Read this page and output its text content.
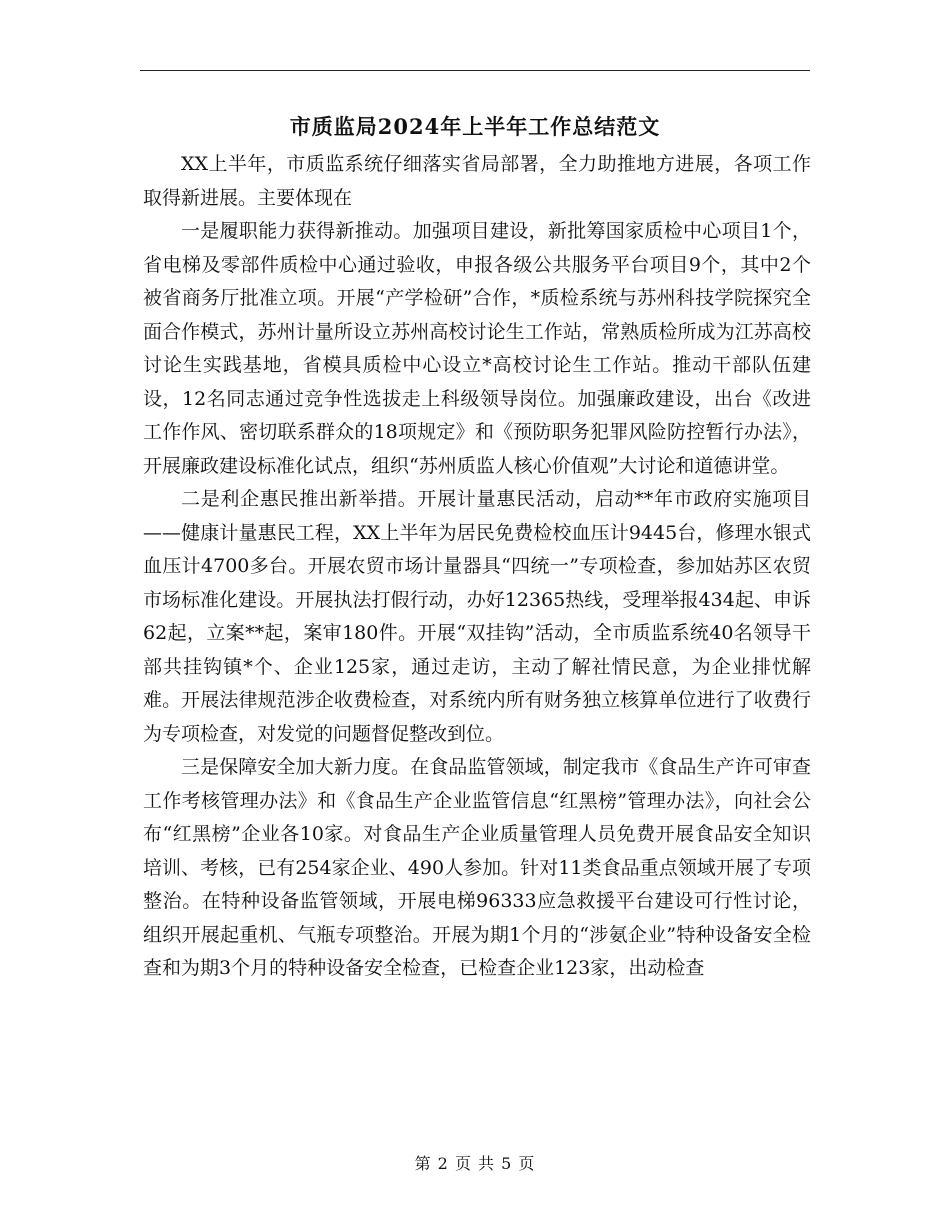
市质监局2024年上半年工作总结范文

XX上半年，市质监系统仔细落实省局部署，全力助推地方进展，各项工作取得新进展。主要体现在

一是履职能力获得新推动。加强项目建设，新批筹国家质检中心项目1个，省电梯及零部件质检中心通过验收，申报各级公共服务平台项目9个，其中2个被省商务厅批准立项。开展“产学检研”合作，*质检系统与苏州科技学院探究全面合作模式，苏州计量所设立苏州高校讨论生工作站，常熟质检所成为江苏高校讨论生实践基地，省模具质检中心设立*高校讨论生工作站。推动干部队伍建设，12名同志通过竞争性选拔走上科级领导岗位。加强廉政建设，出台《改进工作作风、密切联系群众的18项规定》和《预防职务犯罪风险防控暂行办法》，开展廉政建设标准化试点，组织“苏州质监人核心价值观”大讨论和道德讲堂。

二是利企惠民推出新举措。开展计量惠民活动，启动**年市政府实施项目——健康计量惠民工程，XX上半年为居民免费检校血压计9445台，修理水银式血压计4700多台。开展农贸市场计量器具“四统一”专项检查，参加姑苏区农贸市场标准化建设。开展执法打假行动，办好12365热线，受理举报434起、申诉62起，立案**起，案审180件。开展“双挂钩”活动，全市质监系统40名领导干部共挂钩镇*个、企业125家，通过走访，主动了解社情民意，为企业排忧解难。开展法律规范涉企收费检查，对系统内所有财务独立核算单位进行了收费行为专项检查，对发觉的问题督促整改到位。

三是保障安全加大新力度。在食品监管领域，制定我市《食品生产许可审查工作考核管理办法》和《食品生产企业监管信息“红黑榜”管理办法》，向社会公布“红黑榜”企业各10家。对食品生产企业质量管理人员免费开展食品安全知识培训、考核，已有254家企业、490人参加。针对11类食品重点领域开展了专项整治。在特种设备监管领域，开展电梯96333应急救援平台建设可行性讨论，组织开展起重机、气瓶专项整治。开展为期1个月的“涉氨企业”特种设备安全检查和为期3个月的特种设备安全检查，已检查企业123家，出动检查

第 2 页 共 5 页
